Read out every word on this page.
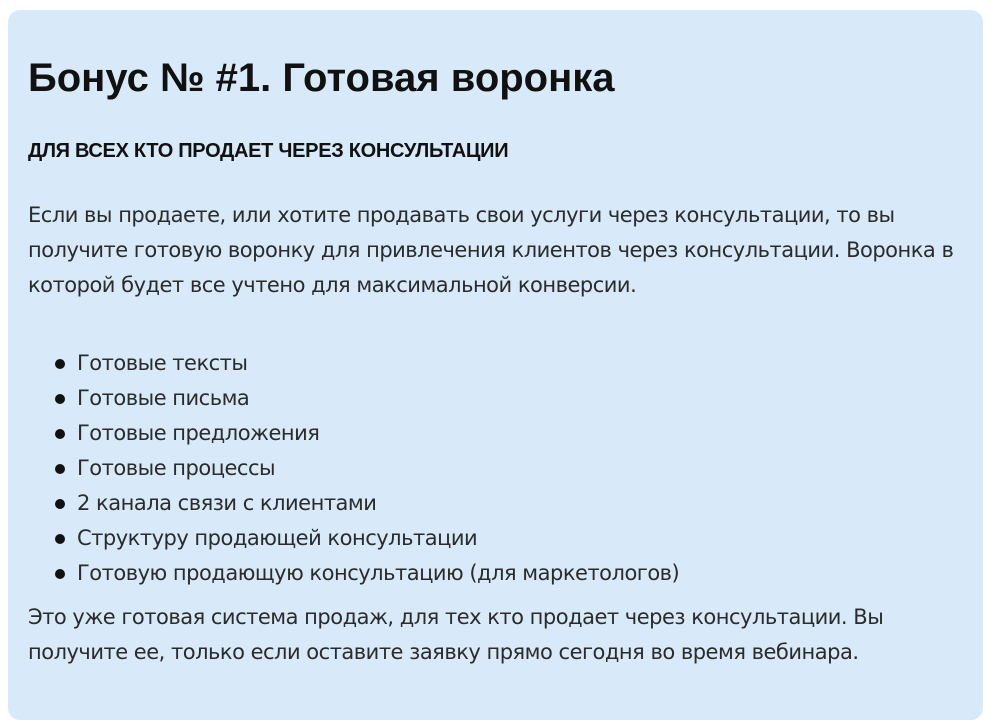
Бонус № #1. Готовая воронка
ДЛЯ ВСЕХ КТО ПРОДАЕТ ЧЕРЕЗ КОНСУЛЬТАЦИИ

Если вы продаете, или хотите продавать свои услуги через консультации, то вы получите готовую воронку для привлечения клиентов через консультации. Воронка в которой будет все учтено для максимальной конверсии.

Готовые тексты
Готовые письма
Готовые предложения
Готовые процессы
2 канала связи с клиентами
Структуру продающей консультации
Готовую продающую консультацию (для маркетологов)

Это уже готовая система продаж, для тех кто продает через консультации. Вы получите ее, только если оставите заявку прямо сегодня во время вебинара.
